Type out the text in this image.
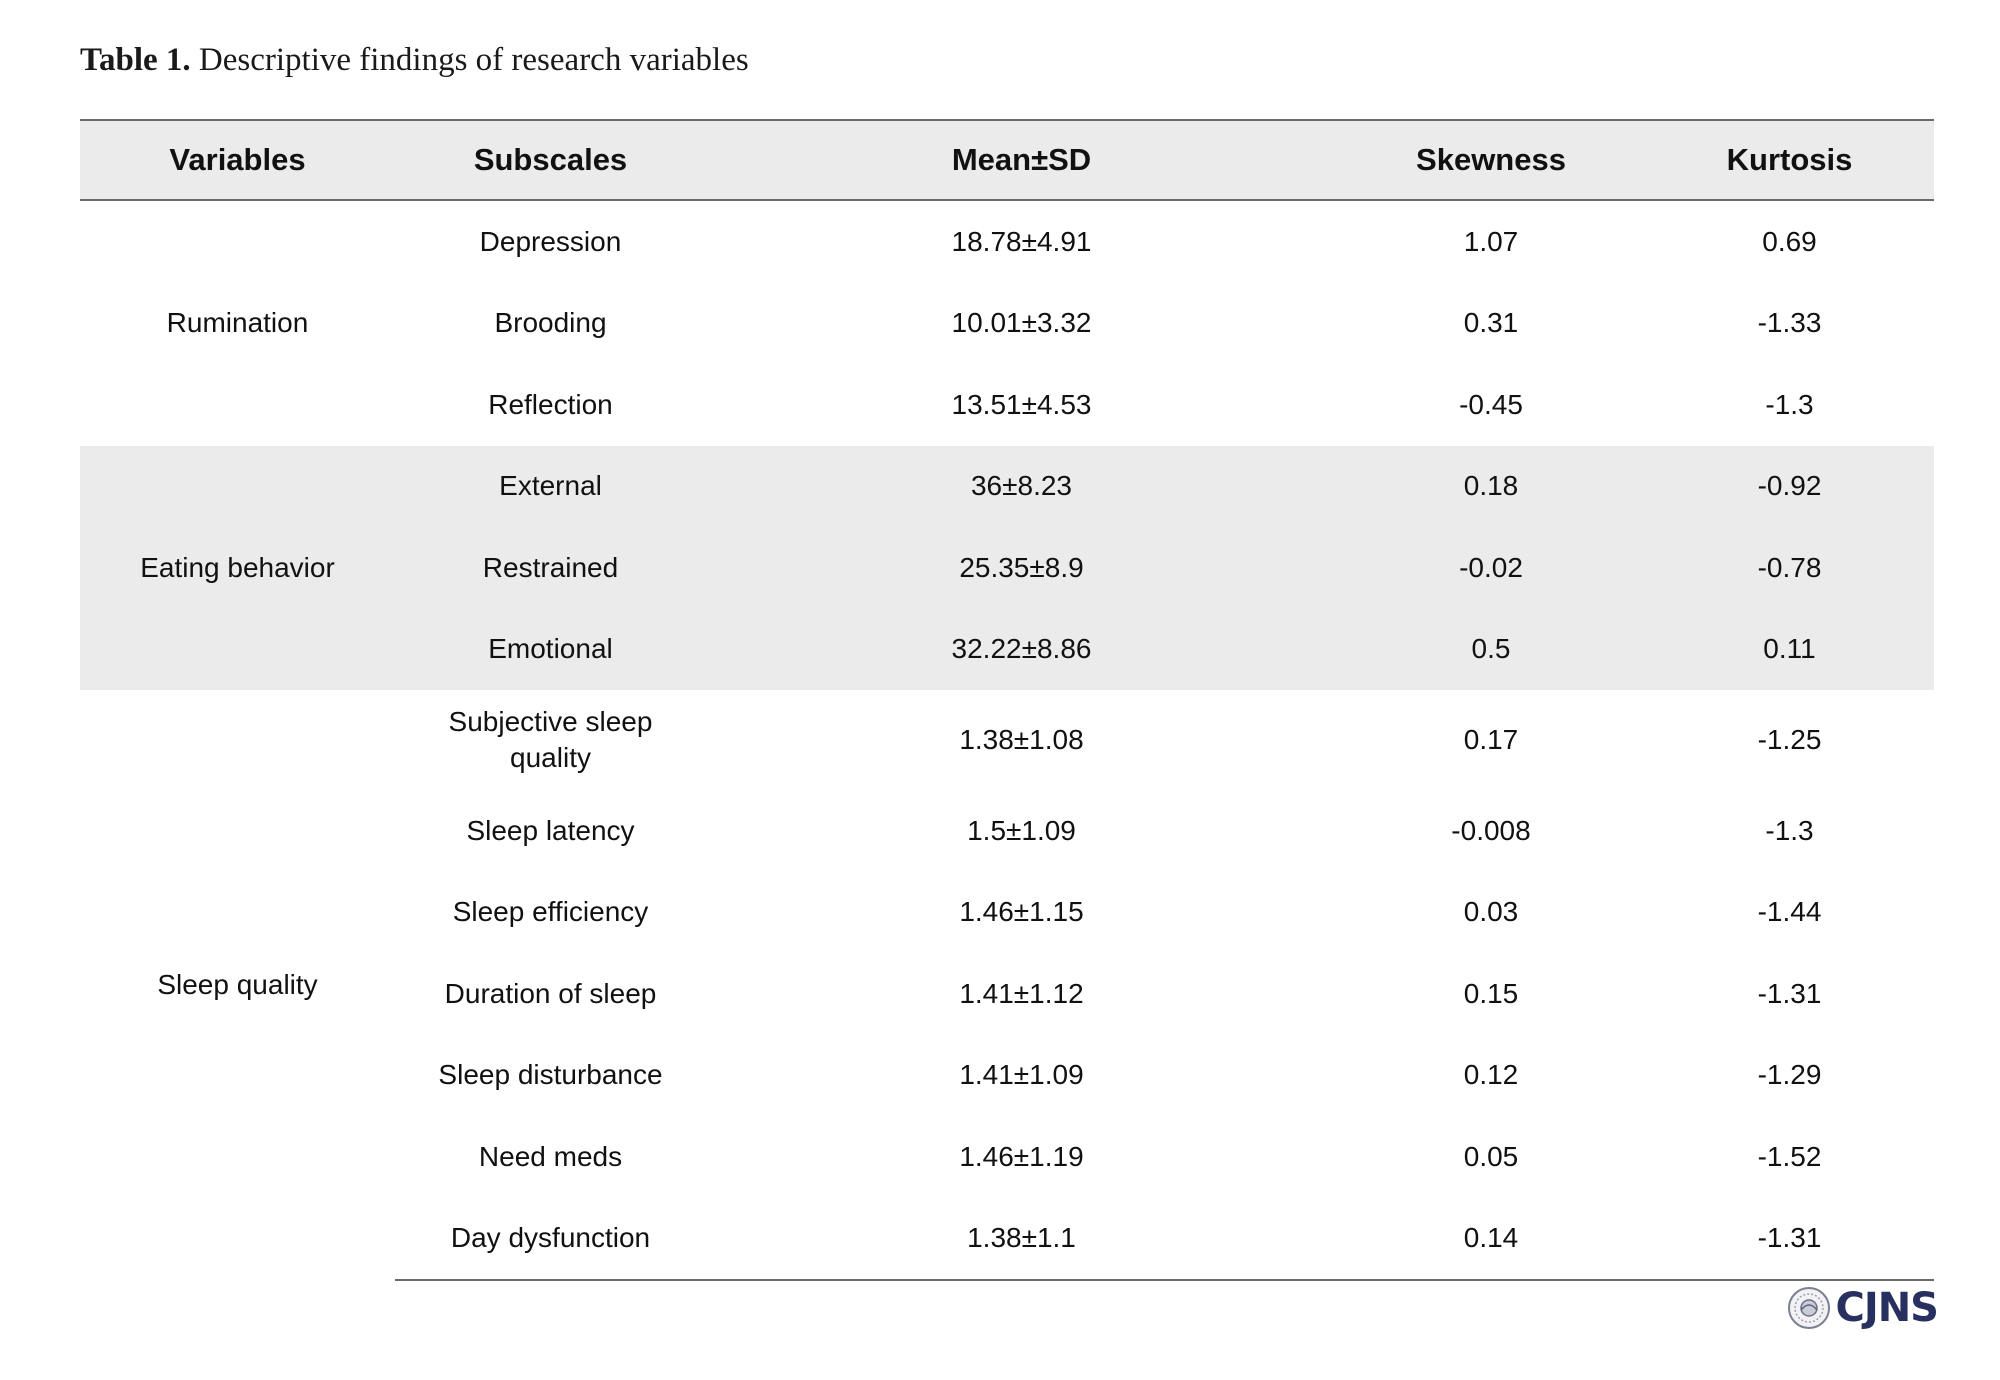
Table 1. Descriptive findings of research variables
Variables	Subscales	Mean±SD	Skewness	Kurtosis
Rumination	Depression	18.78±4.91	1.07	0.69
	Brooding	10.01±3.32	0.31	-1.33
	Reflection	13.51±4.53	-0.45	-1.3
Eating behavior	External	36±8.23	0.18	-0.92
	Restrained	25.35±8.9	-0.02	-0.78
	Emotional	32.22±8.86	0.5	0.11
Sleep quality	Subjective sleep quality	1.38±1.08	0.17	-1.25
	Sleep latency	1.5±1.09	-0.008	-1.3
	Sleep efficiency	1.46±1.15	0.03	-1.44
	Duration of sleep	1.41±1.12	0.15	-1.31
	Sleep disturbance	1.41±1.09	0.12	-1.29
	Need meds	1.46±1.19	0.05	-1.52
	Day dysfunction	1.38±1.1	0.14	-1.31
CJNS
